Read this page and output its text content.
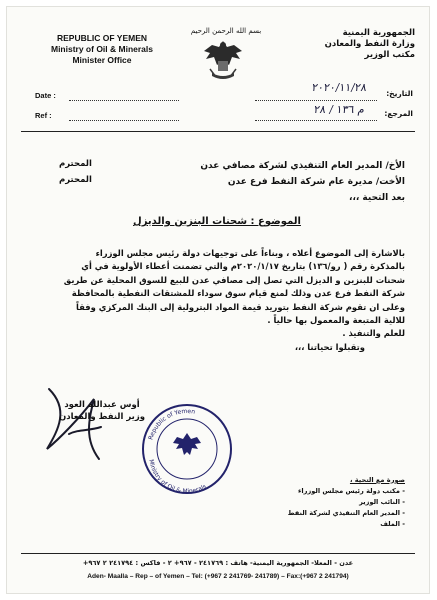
REPUBLIC OF YEMEN
Ministry of Oil & Minerals
Minister Office
بسم الله الرحمن الرحيم	الجمهورية اليمنية
وزارة النفط والمعادن
مكتب الوزير
Date :
Ref :
التاريخ:
٢٠٢٠/١١/٢٨
المرجع:
م ١٣٦ / ٢٨
الأخ/ المدير العام التنفيذي لشركة مصافي عدن
المحترم
الأخت/ مديرة عام شركة النفط فرع عدن
المحترم
بعد التحية ،،،
الموضوع : شحنات البنزين والديزل
بالاشارة إلى الموضوع أعلاه ، وبناءاً على توجيهات دولة رئيس مجلس الوزراء
بالمذكرة رقم ( رو/١٣٦) بتاريخ ٢٠٢٠/١/١٧م والتي تضمنت أعطاء الأولوية في أي
شحنات للبنزين و الديزل التي تصل إلى مصافي عدن للبيع للسوق المحلية عن طريق
شركة النفط فرع عدن وذلك لمنع قيام سوق سوداء للمشتقات النفطية بالمحافظة
وعلى ان تقوم شركة النفط بتوريد قيمة المواد البترولية إلى البنك المركزي وفقاً
للالية المتبعة والمعمول بها حالياً .
للعلم والتنفيذ .
وتقبلوا تحياتنا ،،،
Republic of Yemen
Ministry of Oil & Minerals
أوس عبدالله العود
وزير النفط والمعادن
صورة مع التحية ،
- مكتب دولة رئيس مجلس الوزراء
- النائب الوزير
- المدير العام التنفيذي لشركة النفط
- الملف
عدن - المعلا- الجمهورية اليمنية- هاتف : ٢٤١٧٦٩ - ٩٦٧+ ٢ - فاكس : ٢٤١٧٩٤ ٢ ٩٦٧+
Aden- Maalla – Rep – of Yemen – Tel: (+967 2 241769- 241789) – Fax:(+967 2 241794)
